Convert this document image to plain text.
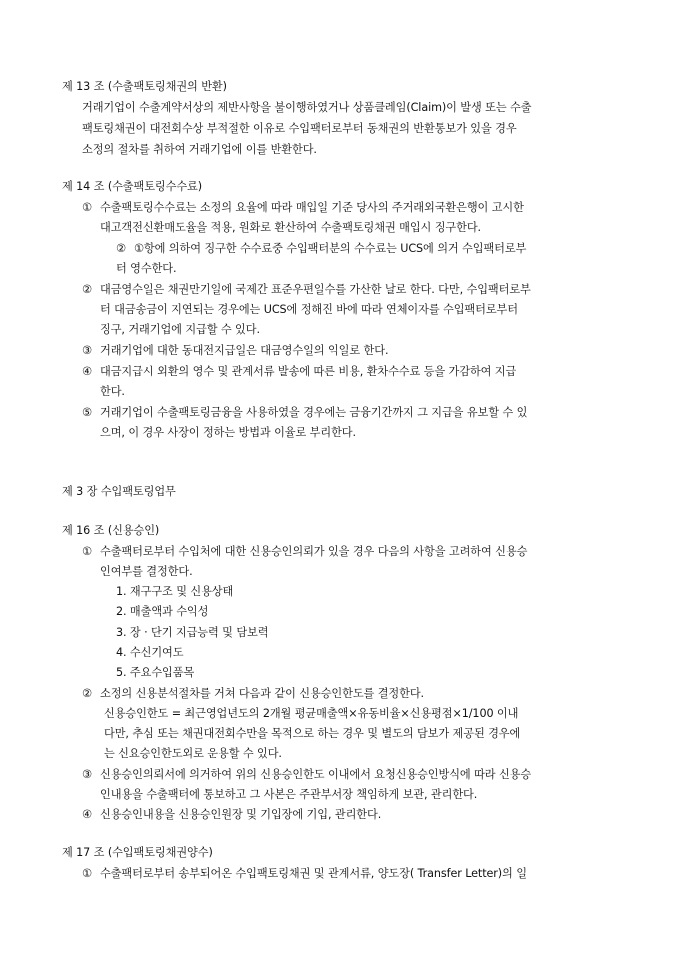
제 13 조 (수출팩토링채권의 반환)
거래기업이 수출계약서상의 제반사항을 불이행하였거나 상품클레임(Claim)이 발생 또는 수출
팩토링채권이 대전회수상 부적절한 이유로 수입팩터로부터 동채권의 반환통보가 있을 경우
소정의 절차를 취하여 거래기업에 이를 반환한다.
제 14 조 (수출팩토링수수료)
① 수출팩토링수수료는 소정의 요율에 따라 매입일 기준 당사의 주거래외국환은행이 고시한
대고객전신환매도율을 적용, 원화로 환산하여 수출팩토링채권 매입시 징구한다.
② ①항에 의하여 징구한 수수료중 수입팩터분의 수수료는 UCS에 의거 수입팩터로부
터 영수한다.
② 대금영수일은 채권만기일에 국제간 표준우편일수를 가산한 날로 한다. 다만, 수입팩터로부
터 대금송금이 지연되는 경우에는 UCS에 정해진 바에 따라 연체이자를 수입팩터로부터
징구, 거래기업에 지급할 수 있다.
③ 거래기업에 대한 동대전지급일은 대금영수일의 익일로 한다.
④ 대금지급시 외환의 영수 및 관계서류 발송에 따른 비용, 환차수수료 등을 가감하여 지급
한다.
⑤ 거래기업이 수출팩토링금융을 사용하였을 경우에는 금융기간까지 그 지급을 유보할 수 있
으며, 이 경우 사장이 정하는 방법과 이율로 부리한다.
제 3 장 수입팩토링업무
제 16 조 (신용승인)
① 수출팩터로부터 수입처에 대한 신용승인의뢰가 있을 경우 다음의 사항을 고려하여 신용승
인여부를 결정한다.
1. 재구구조 및 신용상태
2. 매출액과 수익성
3. 장 · 단기 지급능력 및 담보력
4. 수신기여도
5. 주요수입품목
② 소정의 신용분석절차를 거쳐 다음과 같이 신용승인한도를 결정한다.
신용승인한도 = 최근영업년도의 2개월 평균매출액×유동비율×신용평점×1/100 이내
다만, 추심 또는 채권대전회수만을 목적으로 하는 경우 및 별도의 담보가 제공된 경우에
는 신요승인한도외로 운용할 수 있다.
③ 신용승인의뢰서에 의거하여 위의 신용승인한도 이내에서 요청신용승인방식에 따라 신용승
인내용을 수출팩터에 통보하고 그 사본은 주관부서장 책임하게 보관, 관리한다.
④ 신용승인내용을 신용승인원장 및 기입장에 기입, 관리한다.
제 17 조 (수입팩토링채권양수)
① 수출팩터로부터 송부되어온 수입팩토링채권 및 관계서류, 양도장( Transfer Letter)의 일
